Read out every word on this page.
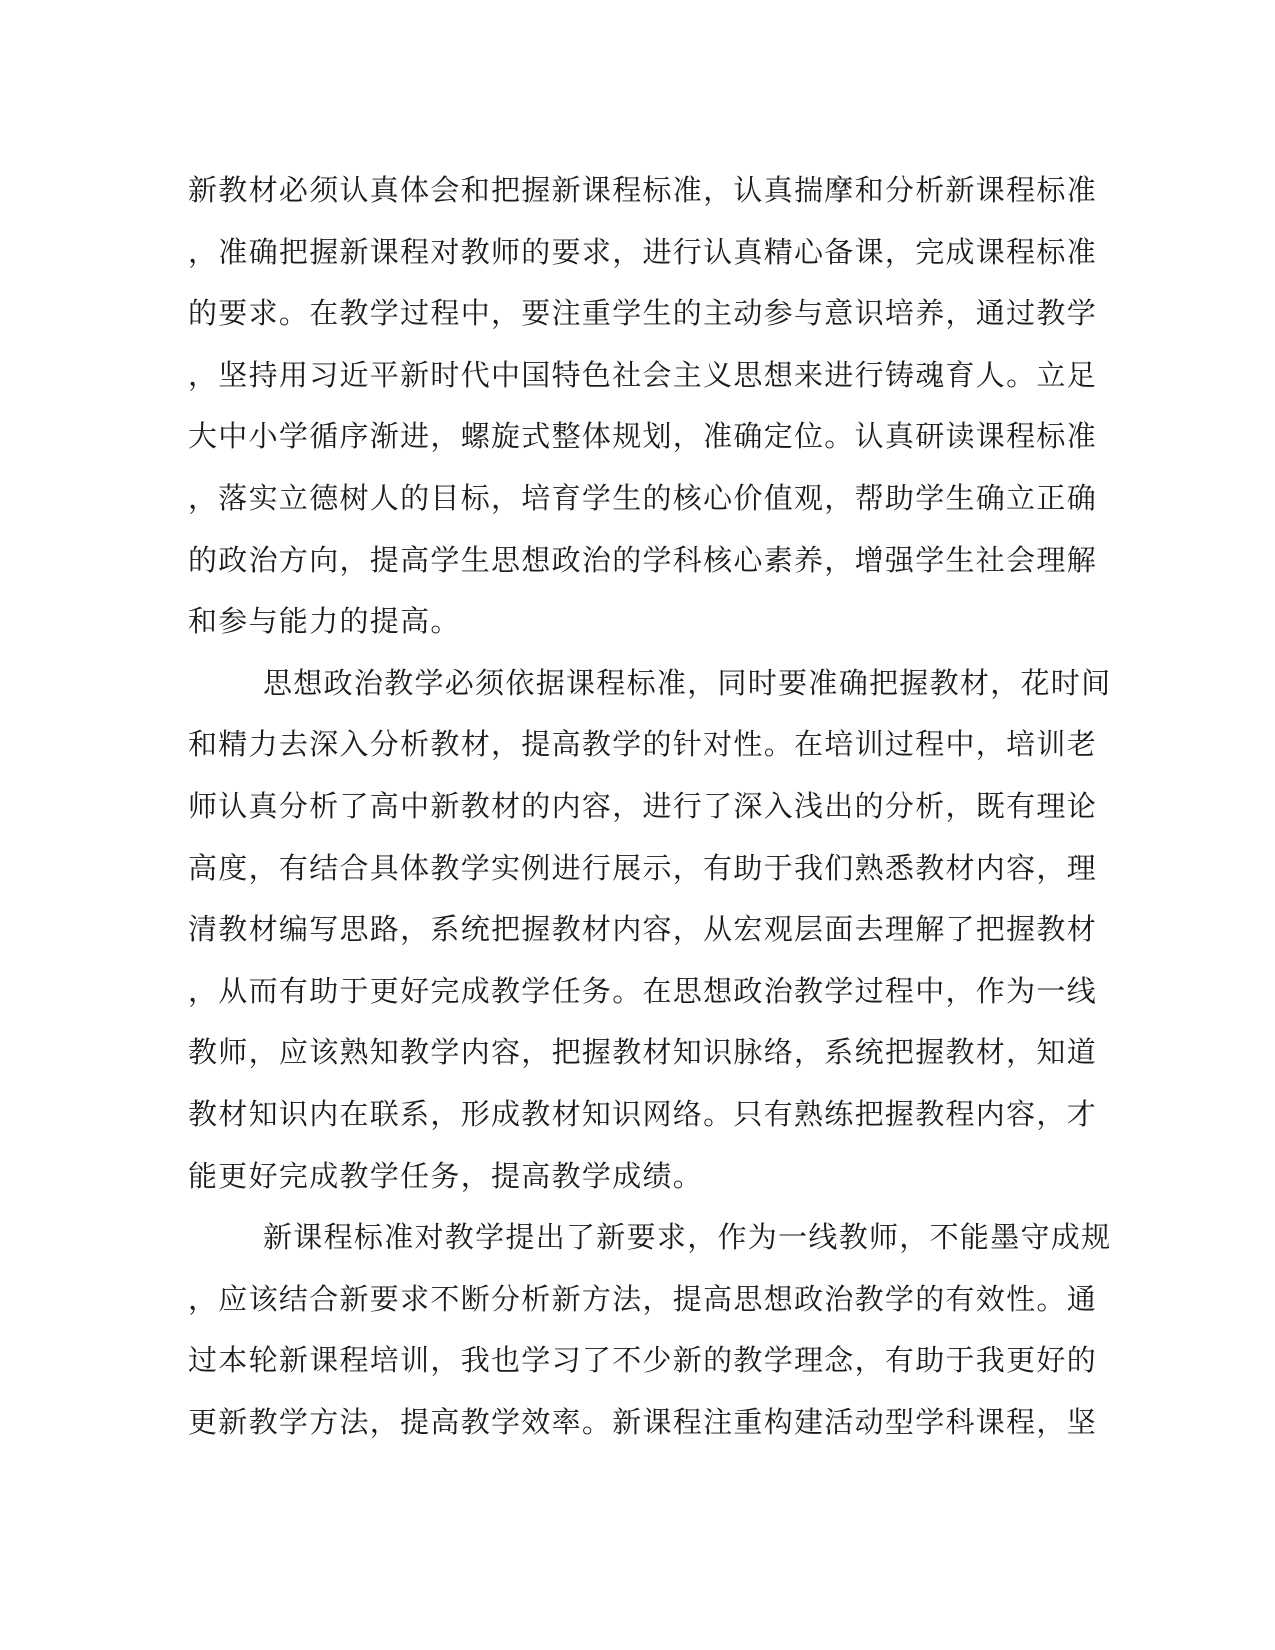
新教材必须认真体会和把握新课程标准，认真揣摩和分析新课程标准
，准确把握新课程对教师的要求，进行认真精心备课，完成课程标准
的要求。在教学过程中，要注重学生的主动参与意识培养，通过教学
，坚持用习近平新时代中国特色社会主义思想来进行铸魂育人。立足
大中小学循序渐进，螺旋式整体规划，准确定位。认真研读课程标准
，落实立德树人的目标，培育学生的核心价值观，帮助学生确立正确
的政治方向，提高学生思想政治的学科核心素养，增强学生社会理解
和参与能力的提高。
思想政治教学必须依据课程标准，同时要准确把握教材，花时间
和精力去深入分析教材，提高教学的针对性。在培训过程中，培训老
师认真分析了高中新教材的内容，进行了深入浅出的分析，既有理论
高度，有结合具体教学实例进行展示，有助于我们熟悉教材内容，理
清教材编写思路，系统把握教材内容，从宏观层面去理解了把握教材
，从而有助于更好完成教学任务。在思想政治教学过程中，作为一线
教师，应该熟知教学内容，把握教材知识脉络，系统把握教材，知道
教材知识内在联系，形成教材知识网络。只有熟练把握教程内容，才
能更好完成教学任务，提高教学成绩。
新课程标准对教学提出了新要求，作为一线教师，不能墨守成规
，应该结合新要求不断分析新方法，提高思想政治教学的有效性。通
过本轮新课程培训，我也学习了不少新的教学理念，有助于我更好的
更新教学方法，提高教学效率。新课程注重构建活动型学科课程，坚
